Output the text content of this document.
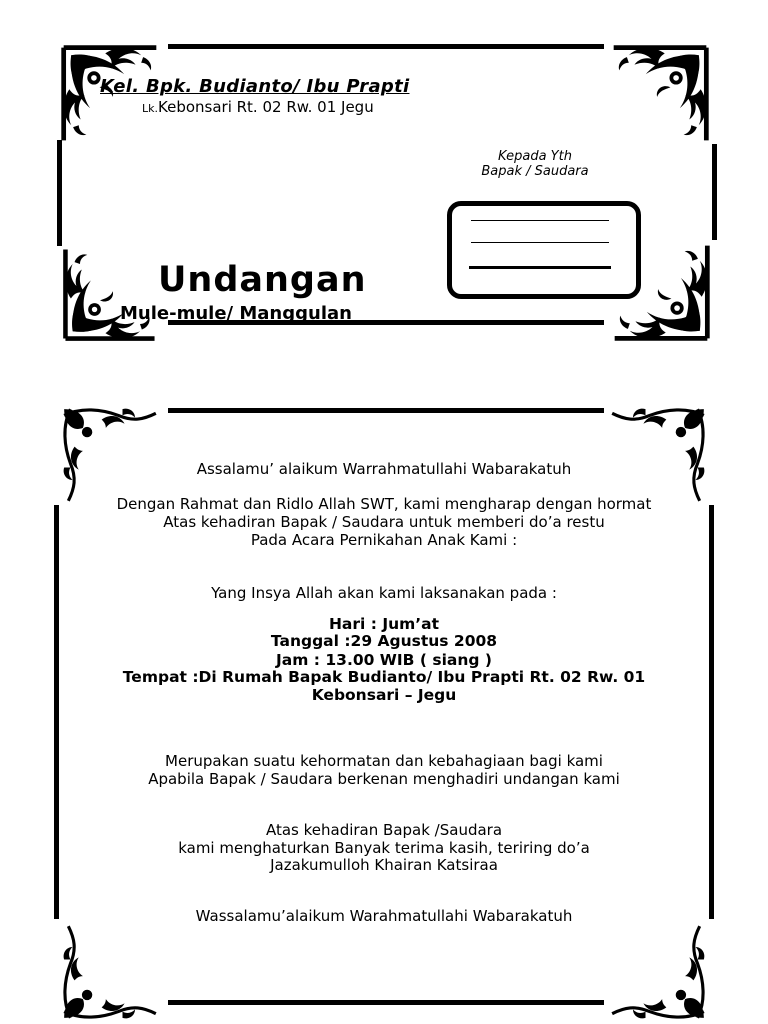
Kel. Bpk. Budianto/ Ibu Prapti
Lk.Kebonsari Rt. 02 Rw. 01 Jegu
Kepada Yth
Bapak / Saudara
Undangan
Mule-mule/ Manggulan
Assalamu’ alaikum Warrahmatullahi Wabarakatuh
Dengan Rahmat dan Ridlo Allah SWT, kami mengharap dengan hormat
Atas kehadiran Bapak / Saudara untuk memberi do’a restu
Pada Acara Pernikahan Anak Kami :
Yang Insya Allah akan kami laksanakan pada :
Hari : Jum’at
Tanggal :29 Agustus 2008
Jam : 13.00 WIB ( siang )
Tempat :Di Rumah Bapak Budianto/ Ibu Prapti Rt. 02 Rw. 01
Kebonsari – Jegu
Merupakan suatu kehormatan dan kebahagiaan bagi kami
Apabila Bapak / Saudara berkenan menghadiri undangan kami
Atas kehadiran Bapak /Saudara
kami menghaturkan Banyak terima kasih, teriring do’a
Jazakumulloh Khairan Katsiraa
Wassalamu’alaikum Warahmatullahi Wabarakatuh
